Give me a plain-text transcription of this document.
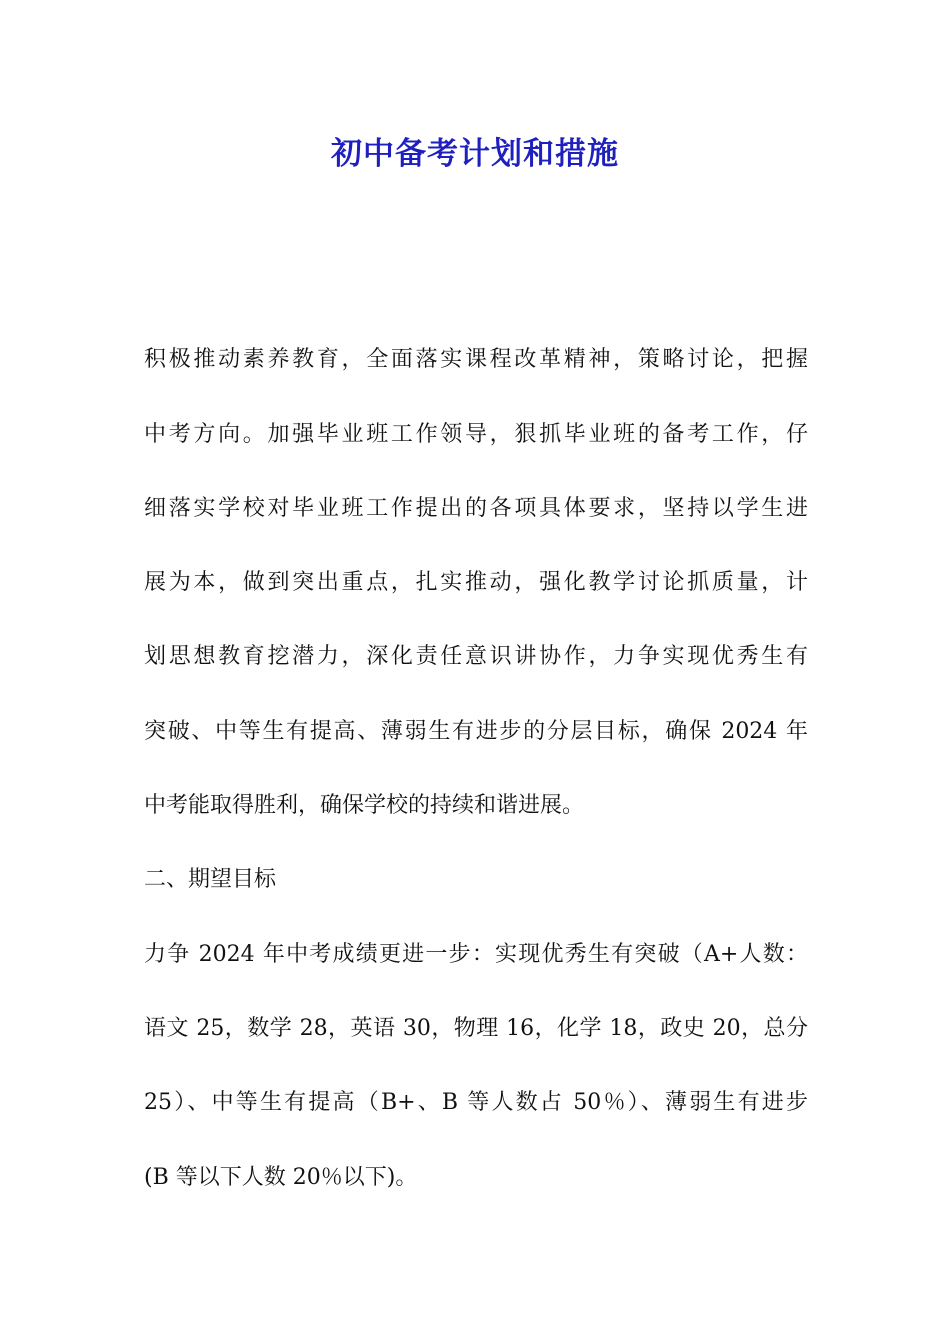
初中备考计划和措施
积极推动素养教育，全面落实课程改革精神，策略讨论，把握
中考方向。加强毕业班工作领导，狠抓毕业班的备考工作，仔
细落实学校对毕业班工作提出的各项具体要求，坚持以学生进
展为本，做到突出重点，扎实推动，强化教学讨论抓质量，计
划思想教育挖潜力，深化责任意识讲协作，力争实现优秀生有
突破、中等生有提高、薄弱生有进步的分层目标，确保 2024 年
中考能取得胜利，确保学校的持续和谐进展。
二、期望目标
力争 2024 年中考成绩更进一步：实现优秀生有突破（A+人数：
语文 25，数学 28，英语 30，物理 16，化学 18，政史 20，总分
25）、中等生有提高（B+、B 等人数占 50％）、薄弱生有进步
(B 等以下人数 20％以下)。
